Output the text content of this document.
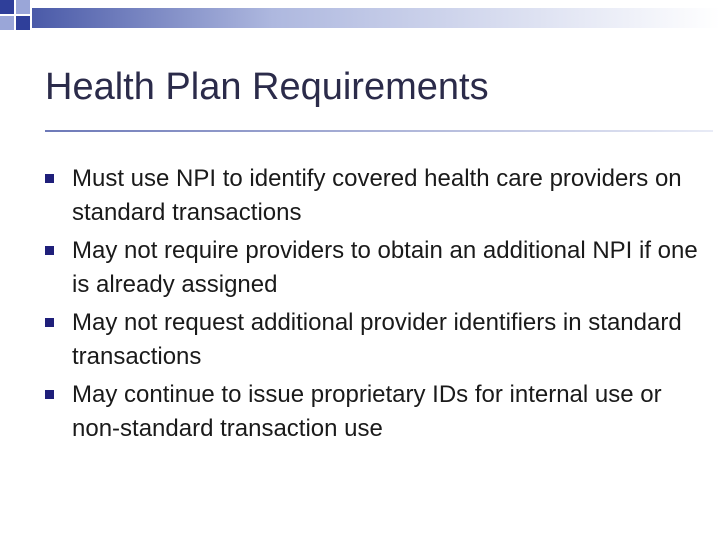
Health Plan Requirements
Must use NPI to identify covered health care providers on standard transactions
May not require providers to obtain an additional NPI if one is already assigned
May not request additional provider identifiers in standard transactions
May continue to issue proprietary IDs for internal use or non-standard transaction use
